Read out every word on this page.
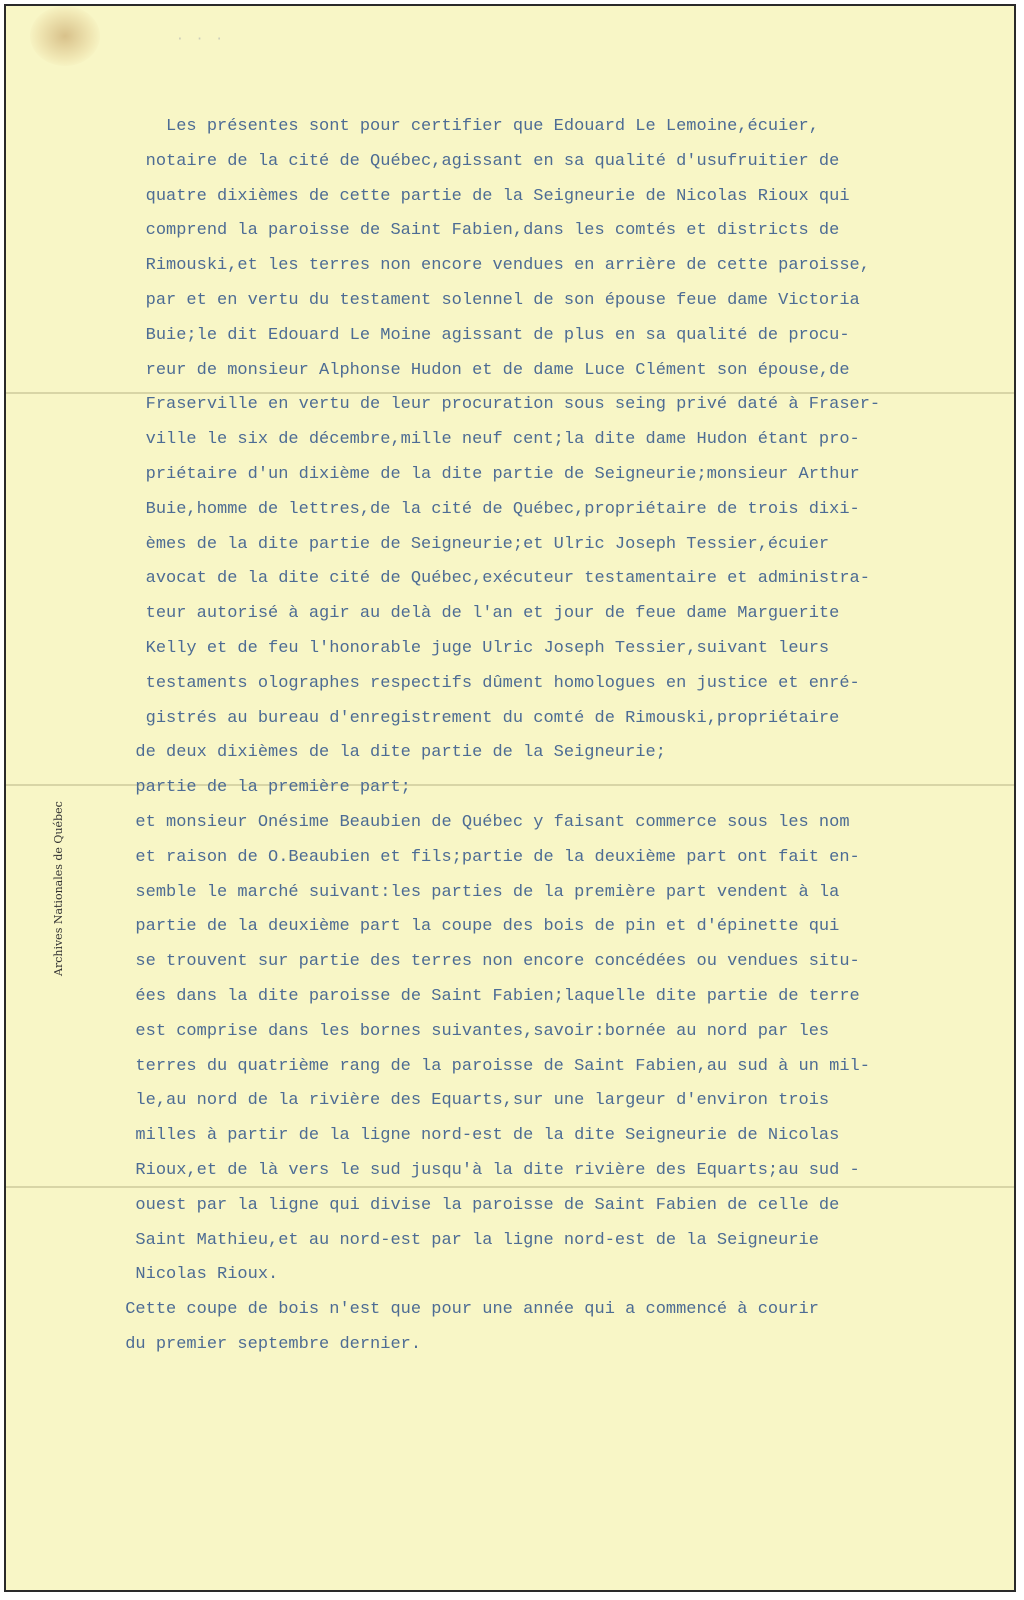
· · ·
Archives Nationales de Québec
Les présentes sont pour certifier que Edouard Le Lemoine,écuier,
notaire de la cité de Québec,agissant en sa qualité d'usufruitier de
quatre dixièmes de cette partie de la Seigneurie de Nicolas Rioux qui
comprend la paroisse de Saint Fabien,dans les comtés et districts de
Rimouski,et les terres non encore vendues en arrière de cette paroisse,
par et en vertu du testament solennel de son épouse feue dame Victoria
Buie;le dit Edouard Le Moine agissant de plus en sa qualité de procu-
reur de monsieur Alphonse Hudon et de dame Luce Clément son épouse,de
Fraserville en vertu de leur procuration sous seing privé daté à Fraser-
ville le six de décembre,mille neuf cent;la dite dame Hudon étant pro-
priétaire d'un dixième de la dite partie de Seigneurie;monsieur Arthur
Buie,homme de lettres,de la cité de Québec,propriétaire de trois dixi-
èmes de la dite partie de Seigneurie;et Ulric Joseph Tessier,écuier
avocat de la dite cité de Québec,exécuteur testamentaire et administra-
teur autorisé à agir au delà de l'an et jour de feue dame Marguerite
Kelly et de feu l'honorable juge Ulric Joseph Tessier,suivant leurs
testaments olographes respectifs dûment homologues en justice et enré-
gistrés au bureau d'enregistrement du comté de Rimouski,propriétaire
de deux dixièmes de la dite partie de la Seigneurie;
partie de la première part;
et monsieur Onésime Beaubien de Québec y faisant commerce sous les nom
et raison de O.Beaubien et fils;partie de la deuxième part ont fait en-
semble le marché suivant:les parties de la première part vendent à la
partie de la deuxième part la coupe des bois de pin et d'épinette qui
se trouvent sur partie des terres non encore concédées ou vendues situ-
ées dans la dite paroisse de Saint Fabien;laquelle dite partie de terre
est comprise dans les bornes suivantes,savoir:bornée au nord par les
terres du quatrième rang de la paroisse de Saint Fabien,au sud à un mil-
le,au nord de la rivière des Equarts,sur une largeur d'environ trois
milles à partir de la ligne nord-est de la dite Seigneurie de Nicolas
Rioux,et de là vers le sud jusqu'à la dite rivière des Equarts;au sud -
ouest par la ligne qui divise la paroisse de Saint Fabien de celle de
Saint Mathieu,et au nord-est par la ligne nord-est de la Seigneurie
Nicolas Rioux.
Cette coupe de bois n'est que pour une année qui a commencé à courir
du premier septembre dernier.
